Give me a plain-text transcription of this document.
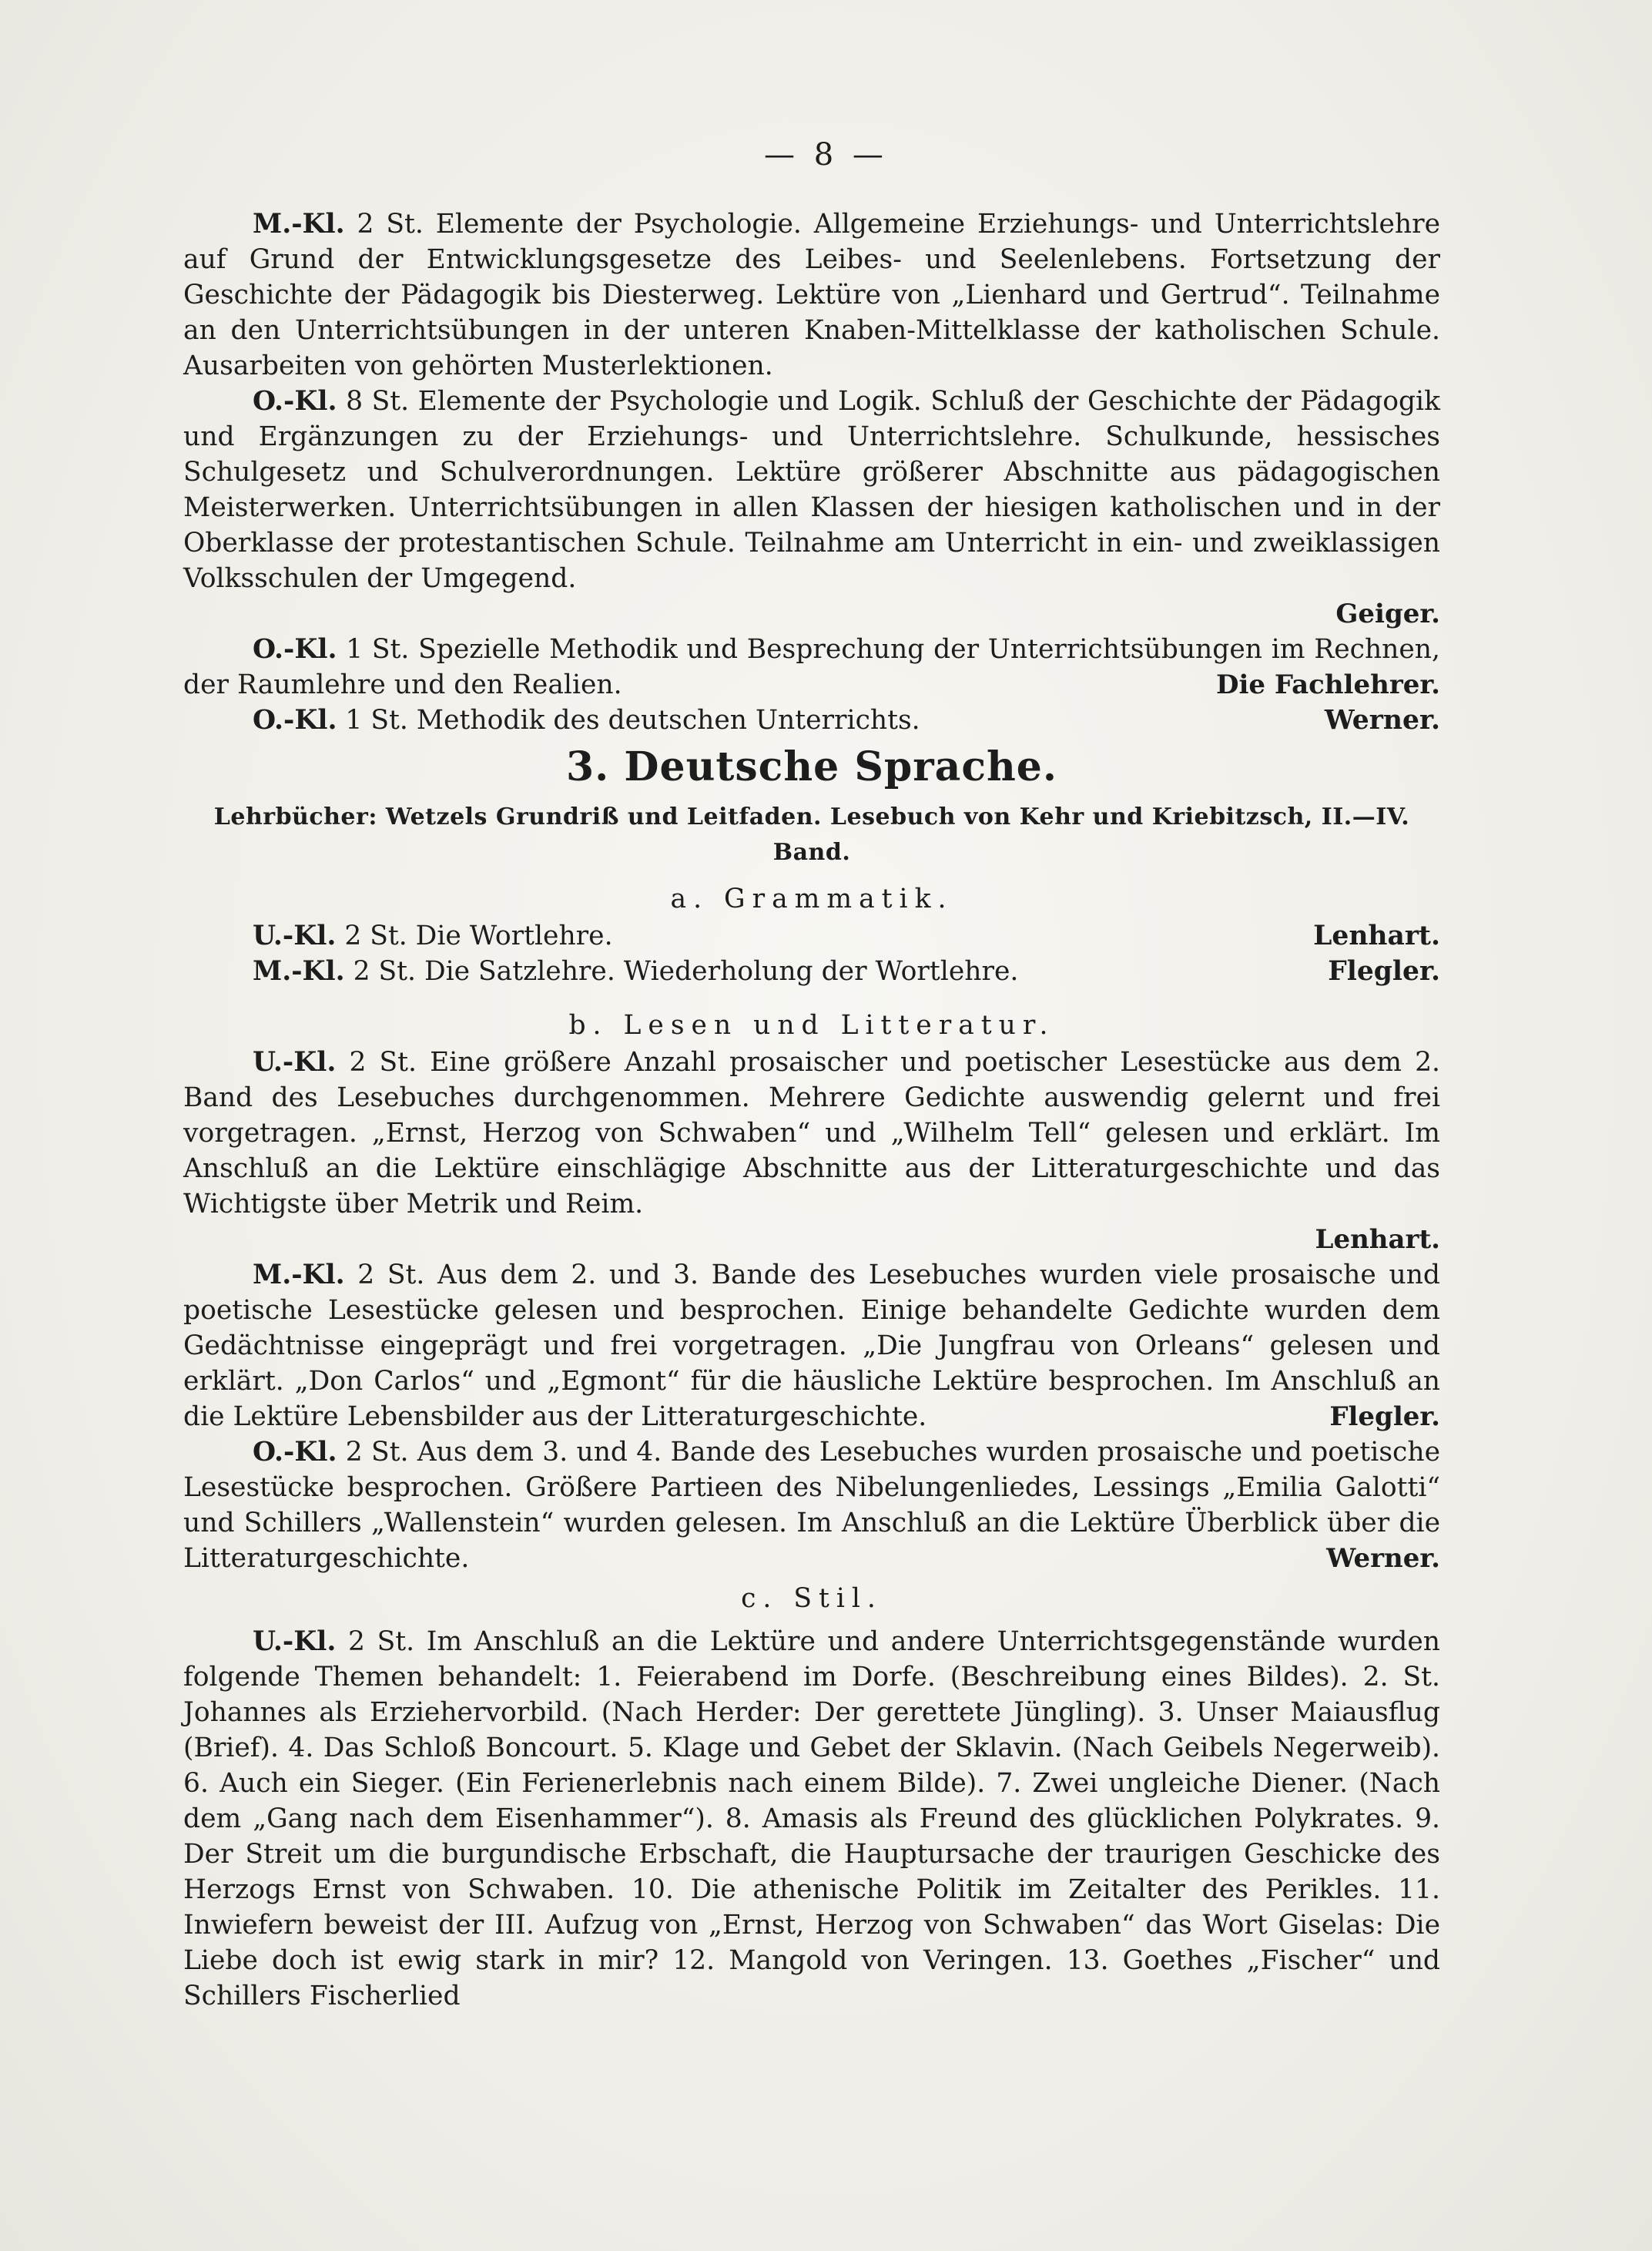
— 8 —

M.-Kl. 2 St. Elemente der Psychologie. Allgemeine Erziehungs- und Unterrichtslehre auf Grund der Entwicklungsgesetze des Leibes- und Seelenlebens. Fortsetzung der Geschichte der Pädagogik bis Diesterweg. Lektüre von „Lienhard und Gertrud“. Teilnahme an den Unterrichtsübungen in der unteren Knaben-Mittelklasse der katholischen Schule. Ausarbeiten von gehörten Musterlektionen.

O.-Kl. 8 St. Elemente der Psychologie und Logik. Schluß der Geschichte der Pädagogik und Ergänzungen zu der Erziehungs- und Unterrichtslehre. Schulkunde, hessisches Schulgesetz und Schulverordnungen. Lektüre größerer Abschnitte aus pädagogischen Meisterwerken. Unterrichtsübungen in allen Klassen der hiesigen katholischen und in der Oberklasse der protestantischen Schule. Teilnahme am Unterricht in ein- und zweiklassigen Volksschulen der Umgegend.

Geiger.

O.-Kl. 1 St. Spezielle Methodik und Besprechung der Unterrichtsübungen im Rechnen, der Raumlehre und den Realien.	Die Fachlehrer.
O.-Kl. 1 St. Methodik des deutschen Unterrichts.	Werner.
3. Deutsche Sprache.
Lehrbücher: Wetzels Grundriß und Leitfaden. Lesebuch von Kehr und Kriebitzsch, II.—IV. Band.
a. Grammatik.
U.-Kl. 2 St. Die Wortlehre.	Lenhart.
M.-Kl. 2 St. Die Satzlehre. Wiederholung der Wortlehre.	Flegler.
b. Lesen und Litteratur.

U.-Kl. 2 St. Eine größere Anzahl prosaischer und poetischer Lesestücke aus dem 2. Band des Lesebuches durchgenommen. Mehrere Gedichte auswendig gelernt und frei vorgetragen. „Ernst, Herzog von Schwaben“ und „Wilhelm Tell“ gelesen und erklärt. Im Anschluß an die Lektüre einschlägige Abschnitte aus der Litteraturgeschichte und das Wichtigste über Metrik und Reim.

Lenhart.

M.-Kl. 2 St. Aus dem 2. und 3. Bande des Lesebuches wurden viele prosaische und poetische Lesestücke gelesen und besprochen. Einige behandelte Gedichte wurden dem Gedächtnisse eingeprägt und frei vorgetragen. „Die Jungfrau von Orleans“ gelesen und erklärt. „Don Carlos“ und „Egmont“ für die häusliche Lektüre besprochen. Im Anschluß an die Lektüre Lebensbilder aus der Litteraturgeschichte.	Flegler.

O.-Kl. 2 St. Aus dem 3. und 4. Bande des Lesebuches wurden prosaische und poetische Lesestücke besprochen. Größere Partieen des Nibelungenliedes, Lessings „Emilia Galotti“ und Schillers „Wallenstein“ wurden gelesen. Im Anschluß an die Lektüre Überblick über die Litteraturgeschichte.	Werner.
c. Stil.

U.-Kl. 2 St. Im Anschluß an die Lektüre und andere Unterrichtsgegenstände wurden folgende Themen behandelt: 1. Feierabend im Dorfe. (Beschreibung eines Bildes). 2. St. Johannes als Erziehervorbild. (Nach Herder: Der gerettete Jüngling). 3. Unser Maiausflug (Brief). 4. Das Schloß Boncourt. 5. Klage und Gebet der Sklavin. (Nach Geibels Negerweib). 6. Auch ein Sieger. (Ein Ferienerlebnis nach einem Bilde). 7. Zwei ungleiche Diener. (Nach dem „Gang nach dem Eisenhammer“). 8. Amasis als Freund des glücklichen Polykrates. 9. Der Streit um die burgundische Erbschaft, die Hauptursache der traurigen Geschicke des Herzogs Ernst von Schwaben. 10. Die athenische Politik im Zeitalter des Perikles. 11. Inwiefern beweist der III. Aufzug von „Ernst, Herzog von Schwaben“ das Wort Giselas: Die Liebe doch ist ewig stark in mir? 12. Mangold von Veringen. 13. Goethes „Fischer“ und Schillers Fischerlied
